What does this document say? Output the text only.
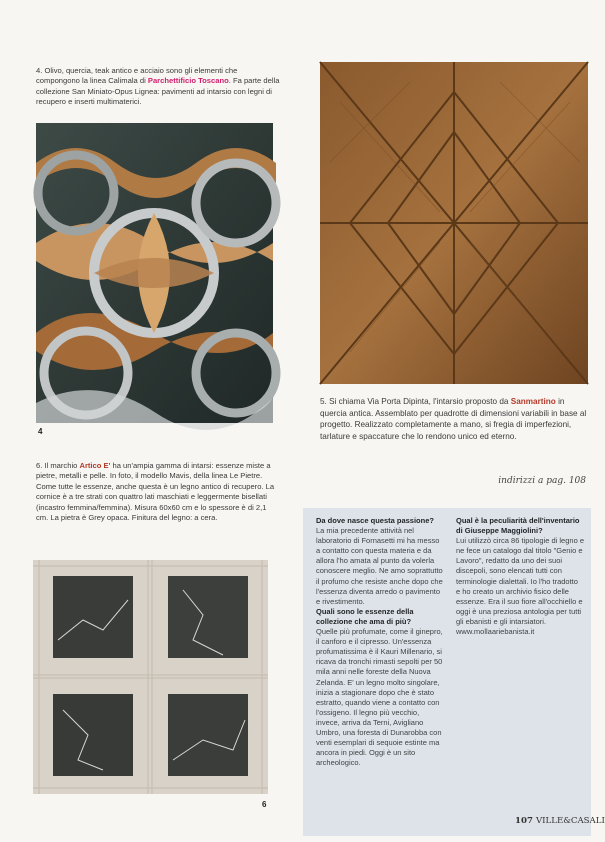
4. Olivo, quercia, teak antico e acciaio sono gli elementi che compongono la linea Calimala di Parchettificio Toscano. Fa parte della collezione San Miniato-Opus Lignea: pavimenti ad intarsio con legni di recupero e inserti multimaterici.

4

6. Il marchio Artico E' ha un'ampia gamma di intarsi: essenze miste a pietre, metalli e pelle. In foto, il modello Mavis, della linea Le Pietre. Come tutte le essenze, anche questa è un legno antico di recupero. La cornice è a tre strati con quattro lati maschiati e leggermente bisellati (incastro femmina/femmina). Misura 60x60 cm e lo spessore è di 2,1 cm. La pietra è Grey opaca. Finitura del legno: a cera.

6

5. Si chiama Via Porta Dipinta, l'intarsio proposto da Sanmartino in quercia antica. Assemblato per quadrotte di dimensioni variabili in base al progetto. Realizzato completamente a mano, si fregia di imperfezioni, tarlature e spaccature che lo rendono unico ed eterno.

indirizzi a pag. 108
Da dove nasce questa passione?
La mia precedente attività nel laboratorio di Fornasetti mi ha messo a contatto con questa materia e da allora l'ho amata al punto da volerla conoscere meglio. Ne amo soprattutto il profumo che resiste anche dopo che l'essenza diventa arredo o pavimento e rivestimento.
Quali sono le essenze della collezione che ama di più?
Quelle più profumate, come il ginepro, il canforo e il cipresso. Un'essenza profumatissima è il Kauri Millenario, si ricava da tronchi rimasti sepolti per 50 mila anni nelle foreste della Nuova Zelanda. E' un legno molto singolare, inizia a stagionare dopo che è stato estratto, quando viene a contatto con l'ossigeno. Il legno più vecchio, invece, arriva da Terni, Avigliano Umbro, una foresta di Dunarobba con venti esemplari di sequoie estinte ma ancora in piedi. Oggi è un sito archeologico.
Qual è la peculiarità dell'inventario di Giuseppe Maggiolini?
Lui utilizzò circa 86 tipologie di legno e ne fece un catalogo dal titolo "Genio e Lavoro", redatto da uno dei suoi discepoli, sono elencati tutti con terminologie dialettali. Io l'ho tradotto e ho creato un archivio fisico delle essenze. Era il suo fiore all'occhiello e oggi è una preziosa antologia per tutti gli ebanisti e gli intarsiatori. www.mollaariebanista.it
107 VILLE&CASALI
